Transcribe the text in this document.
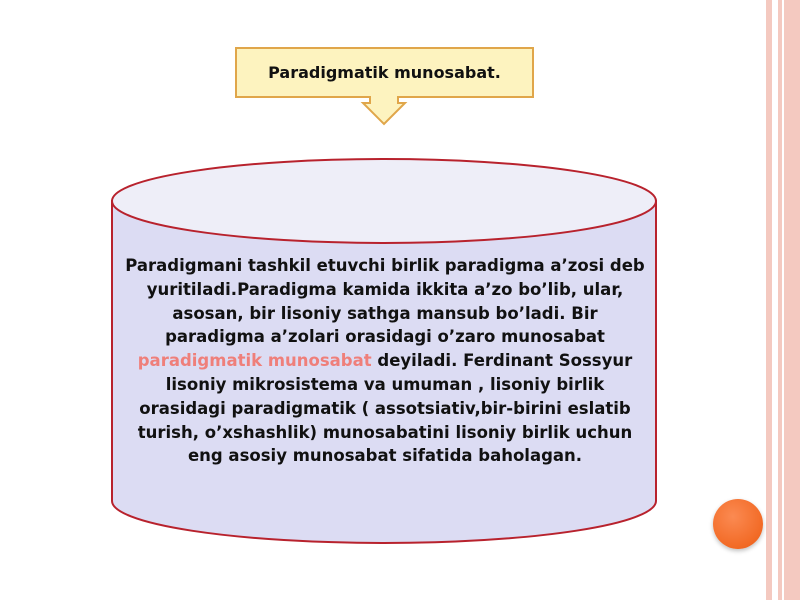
Paradigmatik munosabat.
Paradigmani tashkil etuvchi birlik paradigma a’zosi deb yuritiladi.Paradigma kamida ikkita a’zo bo’lib, ular, asosan, bir lisoniy sathga mansub bo’ladi. Bir paradigma a’zolari orasidagi o’zaro munosabat paradigmatik munosabat deyiladi. Ferdinant Sossyur lisoniy mikrosistema va umuman , lisoniy birlik orasidagi paradigmatik ( assotsiativ,bir-birini eslatib turish, o’xshashlik) munosabatini lisoniy birlik uchun eng asosiy munosabat sifatida baholagan.
